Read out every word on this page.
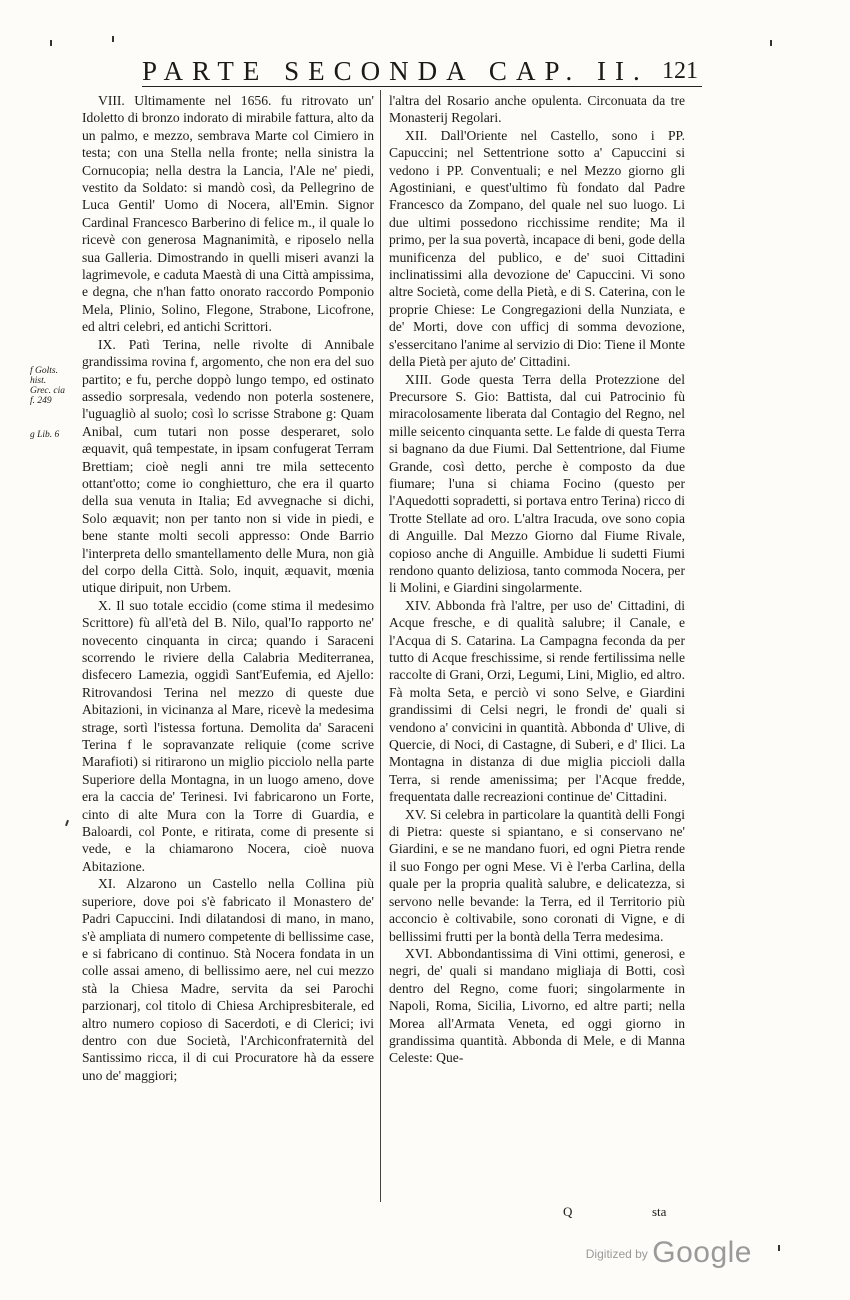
PARTE SECONDA CAP. II. 121
f Golts. hist. Grec. cia f. 249
g Lib. 6

VIII. Ultimamente nel 1656. fu ritrovato un' Idoletto di bronzo indorato di mirabile fattura, alto da un palmo, e mezzo, sembrava Marte col Cimiero in testa; con una Stella nella fronte; nella sinistra la Cornucopia; nella destra la Lancia, l'Ale ne' piedi, vestito da Soldato: si mandò così, da Pellegrino de Luca Gentil' Uomo di Nocera, all'Emin. Signor Cardinal Francesco Barberino di felice m., il quale lo ricevè con generosa Magnanimità, e riposelo nella sua Galleria. Dimostrando in quelli miseri avanzi la lagrimevole, e caduta Maestà di una Città ampissima, e degna, che n'han fatto onorato raccordo Pomponio Mela, Plinio, Solino, Flegone, Strabone, Licofrone, ed altri celebri, ed antichi Scrittori.

IX. Patì Terina, nelle rivolte di Annibale grandissima rovina f, argomento, che non era del suo partito; e fu, perche doppò lungo tempo, ed ostinato assedio sorpresala, vedendo non poterla sostenere, l'uguagliò al suolo; così lo scrisse Strabone g: Quam Anibal, cum tutari non posse desperaret, solo æquavit, quâ tempestate, in ipsam confugerat Terram Brettiam; cioè negli anni tre mila settecento ottant'otto; come io conghietturo, che era il quarto della sua venuta in Italia; Ed avvegnache si dichi, Solo æquavit; non per tanto non si vide in piedi, e bene stante molti secoli appresso: Onde Barrio l'interpreta dello smantellamento delle Mura, non già del corpo della Città. Solo, inquit, æquavit, mœnia utique diripuit, non Urbem.

X. Il suo totale eccidio (come stima il medesimo Scrittore) fù all'età del B. Nilo, qual'Io rapporto ne' novecento cinquanta in circa; quando i Saraceni scorrendo le riviere della Calabria Mediterranea, disfecero Lamezia, oggidì Sant'Eufemia, ed Ajello: Ritrovandosi Terina nel mezzo di queste due Abitazioni, in vicinanza al Mare, ricevè la medesima strage, sortì l'istessa fortuna. Demolita da' Saraceni Terina f le sopravanzate reliquie (come scrive Marafioti) si ritirarono un miglio picciolo nella parte Superiore della Montagna, in un luogo ameno, dove era la caccia de' Terinesi. Ivi fabricarono un Forte, cinto di alte Mura con la Torre di Guardia, e Baloardi, col Ponte, e ritirata, come di presente si vede, e la chiamarono Nocera, cioè nuova Abitazione.

XI. Alzarono un Castello nella Collina più superiore, dove poi s'è fabricato il Monastero de' Padri Capuccini. Indi dilatandosi di mano, in mano, s'è ampliata di numero competente di bellissime case, e si fabricano di continuo. Stà Nocera fondata in un colle assai ameno, di bellissimo aere, nel cui mezzo stà la Chiesa Madre, servita da sei Parochi parzionarj, col titolo di Chiesa Archipresbiterale, ed altro numero copioso di Sacerdoti, e di Clerici; ivi dentro con due Società, l'Archiconfraternità del Santissimo ricca, il di cui Procuratore hà da essere uno de' maggiori;

l'altra del Rosario anche opulenta. Circonuata da tre Monasterij Regolari.

XII. Dall'Oriente nel Castello, sono i PP. Capuccini; nel Settentrione sotto a' Capuccini si vedono i PP. Conventuali; e nel Mezzo giorno gli Agostiniani, e quest'ultimo fù fondato dal Padre Francesco da Zompano, del quale nel suo luogo. Li due ultimi possedono ricchissime rendite; Ma il primo, per la sua povertà, incapace di beni, gode della munificenza del publico, e de' suoi Cittadini inclinatissimi alla devozione de' Capuccini. Vi sono altre Società, come della Pietà, e di S. Caterina, con le proprie Chiese: Le Congregazioni della Nunziata, e de' Morti, dove con ufficj di somma devozione, s'essercitano l'anime al servizio di Dio: Tiene il Monte della Pietà per ajuto de' Cittadini.

XIII. Gode questa Terra della Protezzione del Precursore S. Gio: Battista, dal cui Patrocinio fù miracolosamente liberata dal Contagio del Regno, nel mille seicento cinquanta sette. Le falde di questa Terra si bagnano da due Fiumi. Dal Settentrione, dal Fiume Grande, così detto, perche è composto da due fiumare; l'una si chiama Focino (questo per l'Aquedotti sopradetti, si portava entro Terina) ricco di Trotte Stellate ad oro. L'altra Iracuda, ove sono copia di Anguille. Dal Mezzo Giorno dal Fiume Rivale, copioso anche di Anguille. Ambidue li sudetti Fiumi rendono quanto deliziosa, tanto commoda Nocera, per li Molini, e Giardini singolarmente.

XIV. Abbonda frà l'altre, per uso de' Cittadini, di Acque fresche, e di qualità salubre; il Canale, e l'Acqua di S. Catarina. La Campagna feconda da per tutto di Acque freschissime, si rende fertilissima nelle raccolte di Grani, Orzi, Legumi, Lini, Miglio, ed altro. Fà molta Seta, e perciò vi sono Selve, e Giardini grandissimi di Celsi negri, le frondi de' quali si vendono a' convicini in quantità. Abbonda d' Ulive, di Quercie, di Noci, di Castagne, di Suberi, e d' Ilici. La Montagna in distanza di due miglia piccioli dalla Terra, si rende amenissima; per l'Acque fredde, frequentata dalle recreazioni continue de' Cittadini.

XV. Si celebra in particolare la quantità delli Fongi di Pietra: queste si spiantano, e si conservano ne' Giardini, e se ne mandano fuori, ed ogni Pietra rende il suo Fongo per ogni Mese. Vi è l'erba Carlina, della quale per la propria qualità salubre, e delicatezza, si servono nelle bevande: la Terra, ed il Territorio più acconcio è coltivabile, sono coronati di Vigne, e di bellissimi frutti per la bontà della Terra medesima.

XVI. Abbondantissima di Vini ottimi, generosi, e negri, de' quali si mandano migliaja di Botti, così dentro del Regno, come fuori; singolarmente in Napoli, Roma, Sicilia, Livorno, ed altre parti; nella Morea all'Armata Veneta, ed oggi giorno in grandissima quantità. Abbonda di Mele, e di Manna Celeste: Que-

Q	sta
$^{Digitized by}$ Google
